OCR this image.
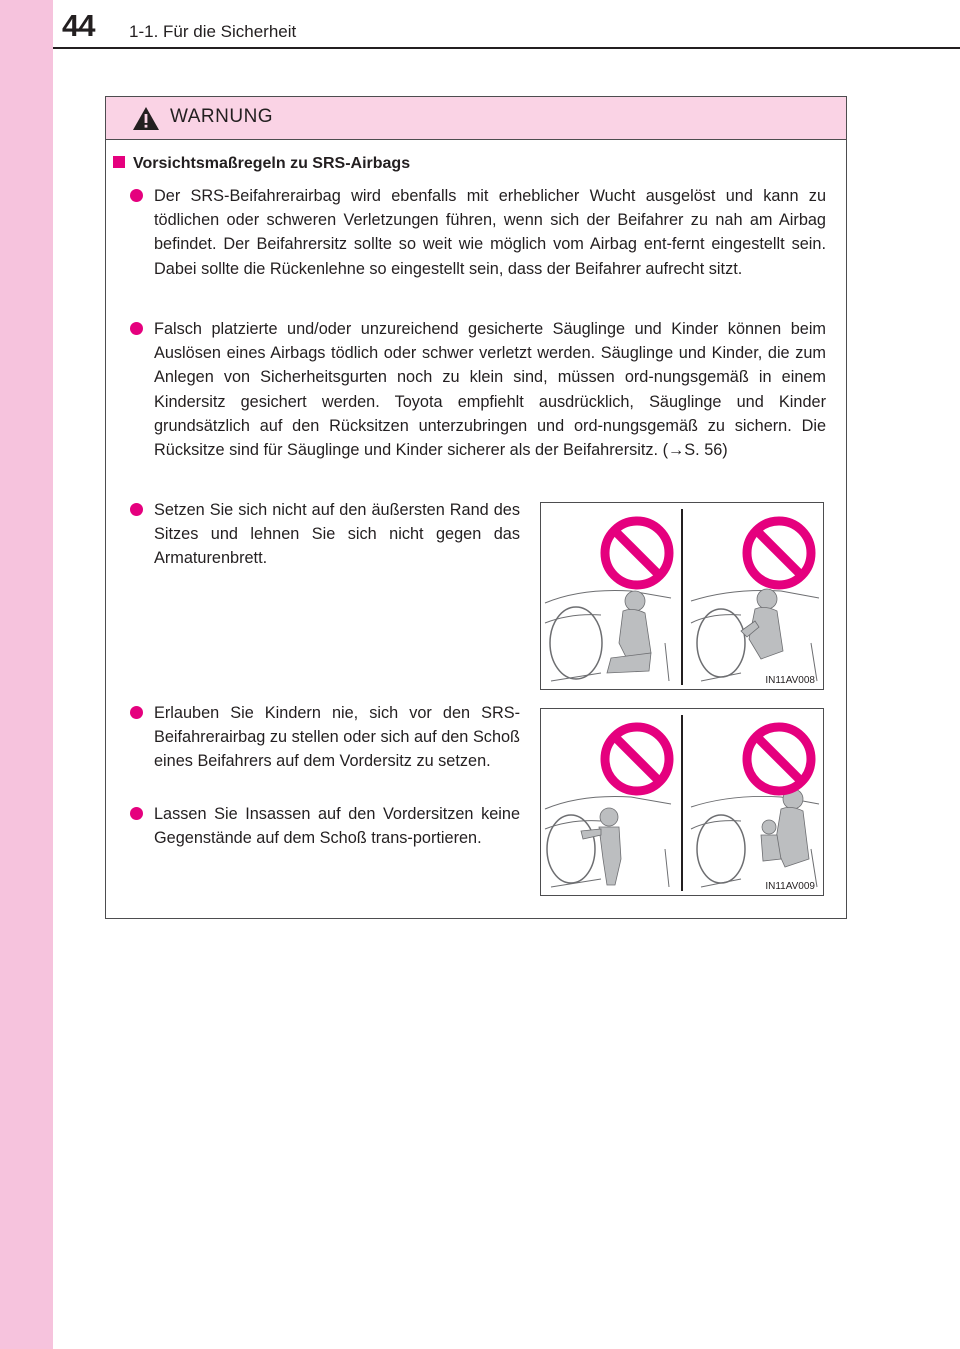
44 1-1. Für die Sicherheit
WARNUNG
Vorsichtsmaßregeln zu SRS-Airbags
Der SRS-Beifahrerairbag wird ebenfalls mit erheblicher Wucht ausgelöst und kann zu tödlichen oder schweren Verletzungen führen, wenn sich der Beifahrer zu nah am Airbag befindet. Der Beifahrersitz sollte so weit wie möglich vom Airbag ent-fernt eingestellt sein. Dabei sollte die Rückenlehne so eingestellt sein, dass der Beifahrer aufrecht sitzt.
Falsch platzierte und/oder unzureichend gesicherte Säuglinge und Kinder können beim Auslösen eines Airbags tödlich oder schwer verletzt werden. Säuglinge und Kinder, die zum Anlegen von Sicherheitsgurten noch zu klein sind, müssen ord-nungsgemäß in einem Kindersitz gesichert werden. Toyota empfiehlt ausdrücklich, Säuglinge und Kinder grundsätzlich auf den Rücksitzen unterzubringen und ord-nungsgemäß zu sichern. Die Rücksitze sind für Säuglinge und Kinder sicherer als der Beifahrersitz. (→S. 56)
Setzen Sie sich nicht auf den äußersten Rand des Sitzes und lehnen Sie sich nicht gegen das Armaturenbrett.
Erlauben Sie Kindern nie, sich vor den SRS-Beifahrerairbag zu stellen oder sich auf den Schoß eines Beifahrers auf dem Vordersitz zu setzen.
Lassen Sie Insassen auf den Vordersitzen keine Gegenstände auf dem Schoß trans-portieren.
IN11AV008
IN11AV009
